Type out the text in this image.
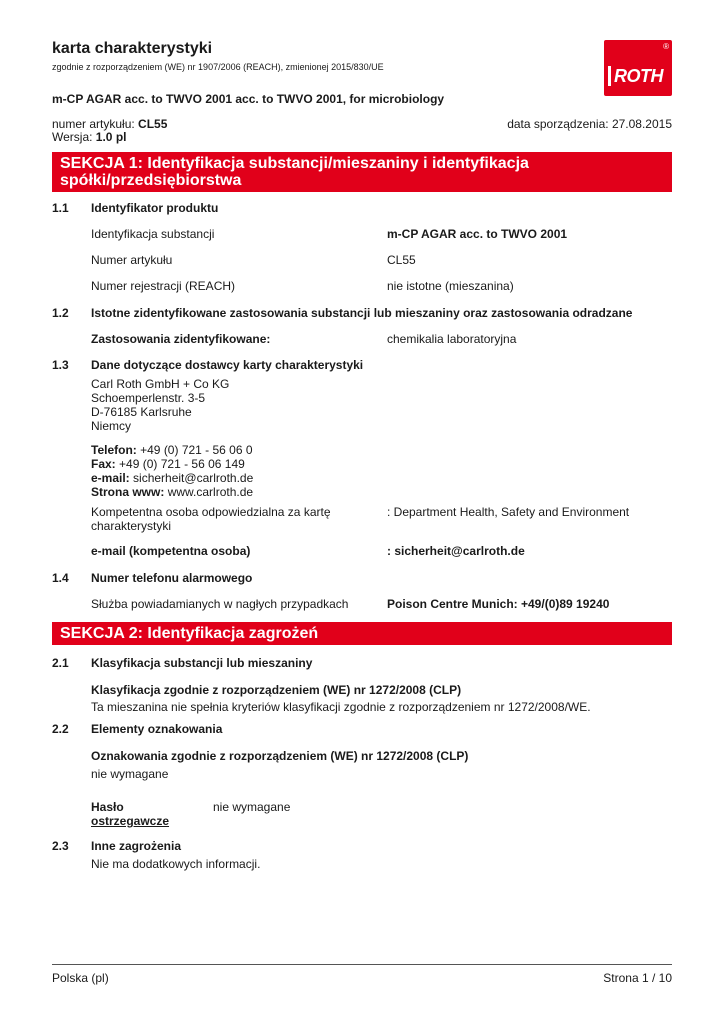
karta charakterystyki
zgodnie z rozporządzeniem (WE) nr 1907/2006 (REACH), zmienionej 2015/830/UE
®
ROTH
m-CP AGAR acc. to TWVO 2001 acc. to TWVO 2001, for microbiology
numer artykułu: CL55
Wersja: 1.0 pl
data sporządzenia: 27.08.2015
SEKCJA 1: Identyfikacja substancji/mieszaniny i identyfikacja spółki/przedsiębiorstwa
1.1 Identyfikator produktu
Identyfikacja substancji	m-CP AGAR acc. to TWVO 2001
Numer artykułu	CL55
Numer rejestracji (REACH)	nie istotne (mieszanina)
1.2 Istotne zidentyfikowane zastosowania substancji lub mieszaniny oraz zastosowania odradzane
Zastosowania zidentyfikowane:	chemikalia laboratoryjna
1.3 Dane dotyczące dostawcy karty charakterystyki
Carl Roth GmbH + Co KG
Schoemperlenstr. 3-5
D-76185 Karlsruhe
Niemcy
Telefon: +49 (0) 721 - 56 06 0
Fax: +49 (0) 721 - 56 06 149
e-mail: sicherheit@carlroth.de
Strona www: www.carlroth.de
Kompetentna osoba odpowiedzialna za kartę
charakterystyki
: Department Health, Safety and Environment
e-mail (kompetentna osoba)	: sicherheit@carlroth.de
1.4 Numer telefonu alarmowego
Służba powiadamianych w nagłych przypadkach	Poison Centre Munich: +49/(0)89 19240
SEKCJA 2: Identyfikacja zagrożeń
2.1 Klasyfikacja substancji lub mieszaniny
Klasyfikacja zgodnie z rozporządzeniem (WE) nr 1272/2008 (CLP)
Ta mieszanina nie spełnia kryteriów klasyfikacji zgodnie z rozporządzeniem nr 1272/2008/WE.
2.2 Elementy oznakowania
Oznakowania zgodnie z rozporządzeniem (WE) nr 1272/2008 (CLP)
nie wymagane
Hasło
ostrzegawcze
nie wymagane
2.3 Inne zagrożenia
Nie ma dodatkowych informacji.
Polska (pl)	Strona 1 / 10
